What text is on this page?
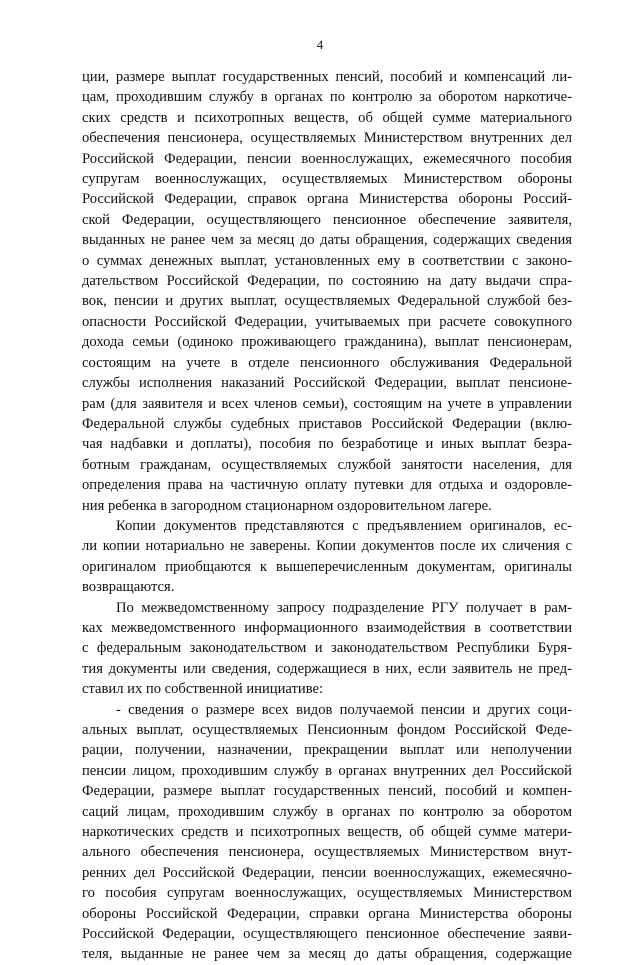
4
ции, размере выплат государственных пенсий, пособий и компенсаций ли-
цам, проходившим службу в органах по контролю за оборотом наркотиче-
ских средств и психотропных веществ, об общей сумме материального
обеспечения пенсионера, осуществляемых Министерством внутренних дел
Российской Федерации, пенсии военнослужащих, ежемесячного пособия
супругам военнослужащих, осуществляемых Министерством обороны
Российской Федерации, справок органа Министерства обороны Россий-
ской Федерации, осуществляющего пенсионное обеспечение заявителя,
выданных не ранее чем за месяц до даты обращения, содержащих сведения
о суммах денежных выплат, установленных ему в соответствии с законо-
дательством Российской Федерации, по состоянию на дату выдачи спра-
вок, пенсии и других выплат, осуществляемых Федеральной службой без-
опасности Российской Федерации, учитываемых при расчете совокупного
дохода семьи (одиноко проживающего гражданина), выплат пенсионерам,
состоящим на учете в отделе пенсионного обслуживания Федеральной
службы исполнения наказаний Российской Федерации, выплат пенсионе-
рам (для заявителя и всех членов семьи), состоящим на учете в управлении
Федеральной службы судебных приставов Российской Федерации (вклю-
чая надбавки и доплаты), пособия по безработице и иных выплат безра-
ботным гражданам, осуществляемых службой занятости населения, для
определения права на частичную оплату путевки для отдыха и оздоровле-
ния ребенка в загородном стационарном оздоровительном лагере.
Копии документов представляются с предъявлением оригиналов, ес-
ли копии нотариально не заверены. Копии документов после их сличения с
оригиналом приобщаются к вышеперечисленным документам, оригиналы
возвращаются.
По межведомственному запросу подразделение РГУ получает в рам-
ках межведомственного информационного взаимодействия в соответствии
с федеральным законодательством и законодательством Республики Буря-
тия документы или сведения, содержащиеся в них, если заявитель не пред-
ставил их по собственной инициативе:
- сведения о размере всех видов получаемой пенсии и других соци-
альных выплат, осуществляемых Пенсионным фондом Российской Феде-
рации, получении, назначении, прекращении выплат или неполучении
пенсии лицом, проходившим службу в органах внутренних дел Российской
Федерации, размере выплат государственных пенсий, пособий и компен-
саций лицам, проходившим службу в органах по контролю за оборотом
наркотических средств и психотропных веществ, об общей сумме матери-
ального обеспечения пенсионера, осуществляемых Министерством внут-
ренних дел Российской Федерации, пенсии военнослужащих, ежемесячно-
го пособия супругам военнослужащих, осуществляемых Министерством
обороны Российской Федерации, справки органа Министерства обороны
Российской Федерации, осуществляющего пенсионное обеспечение заяви-
теля, выданные не ранее чем за месяц до даты обращения, содержащие
